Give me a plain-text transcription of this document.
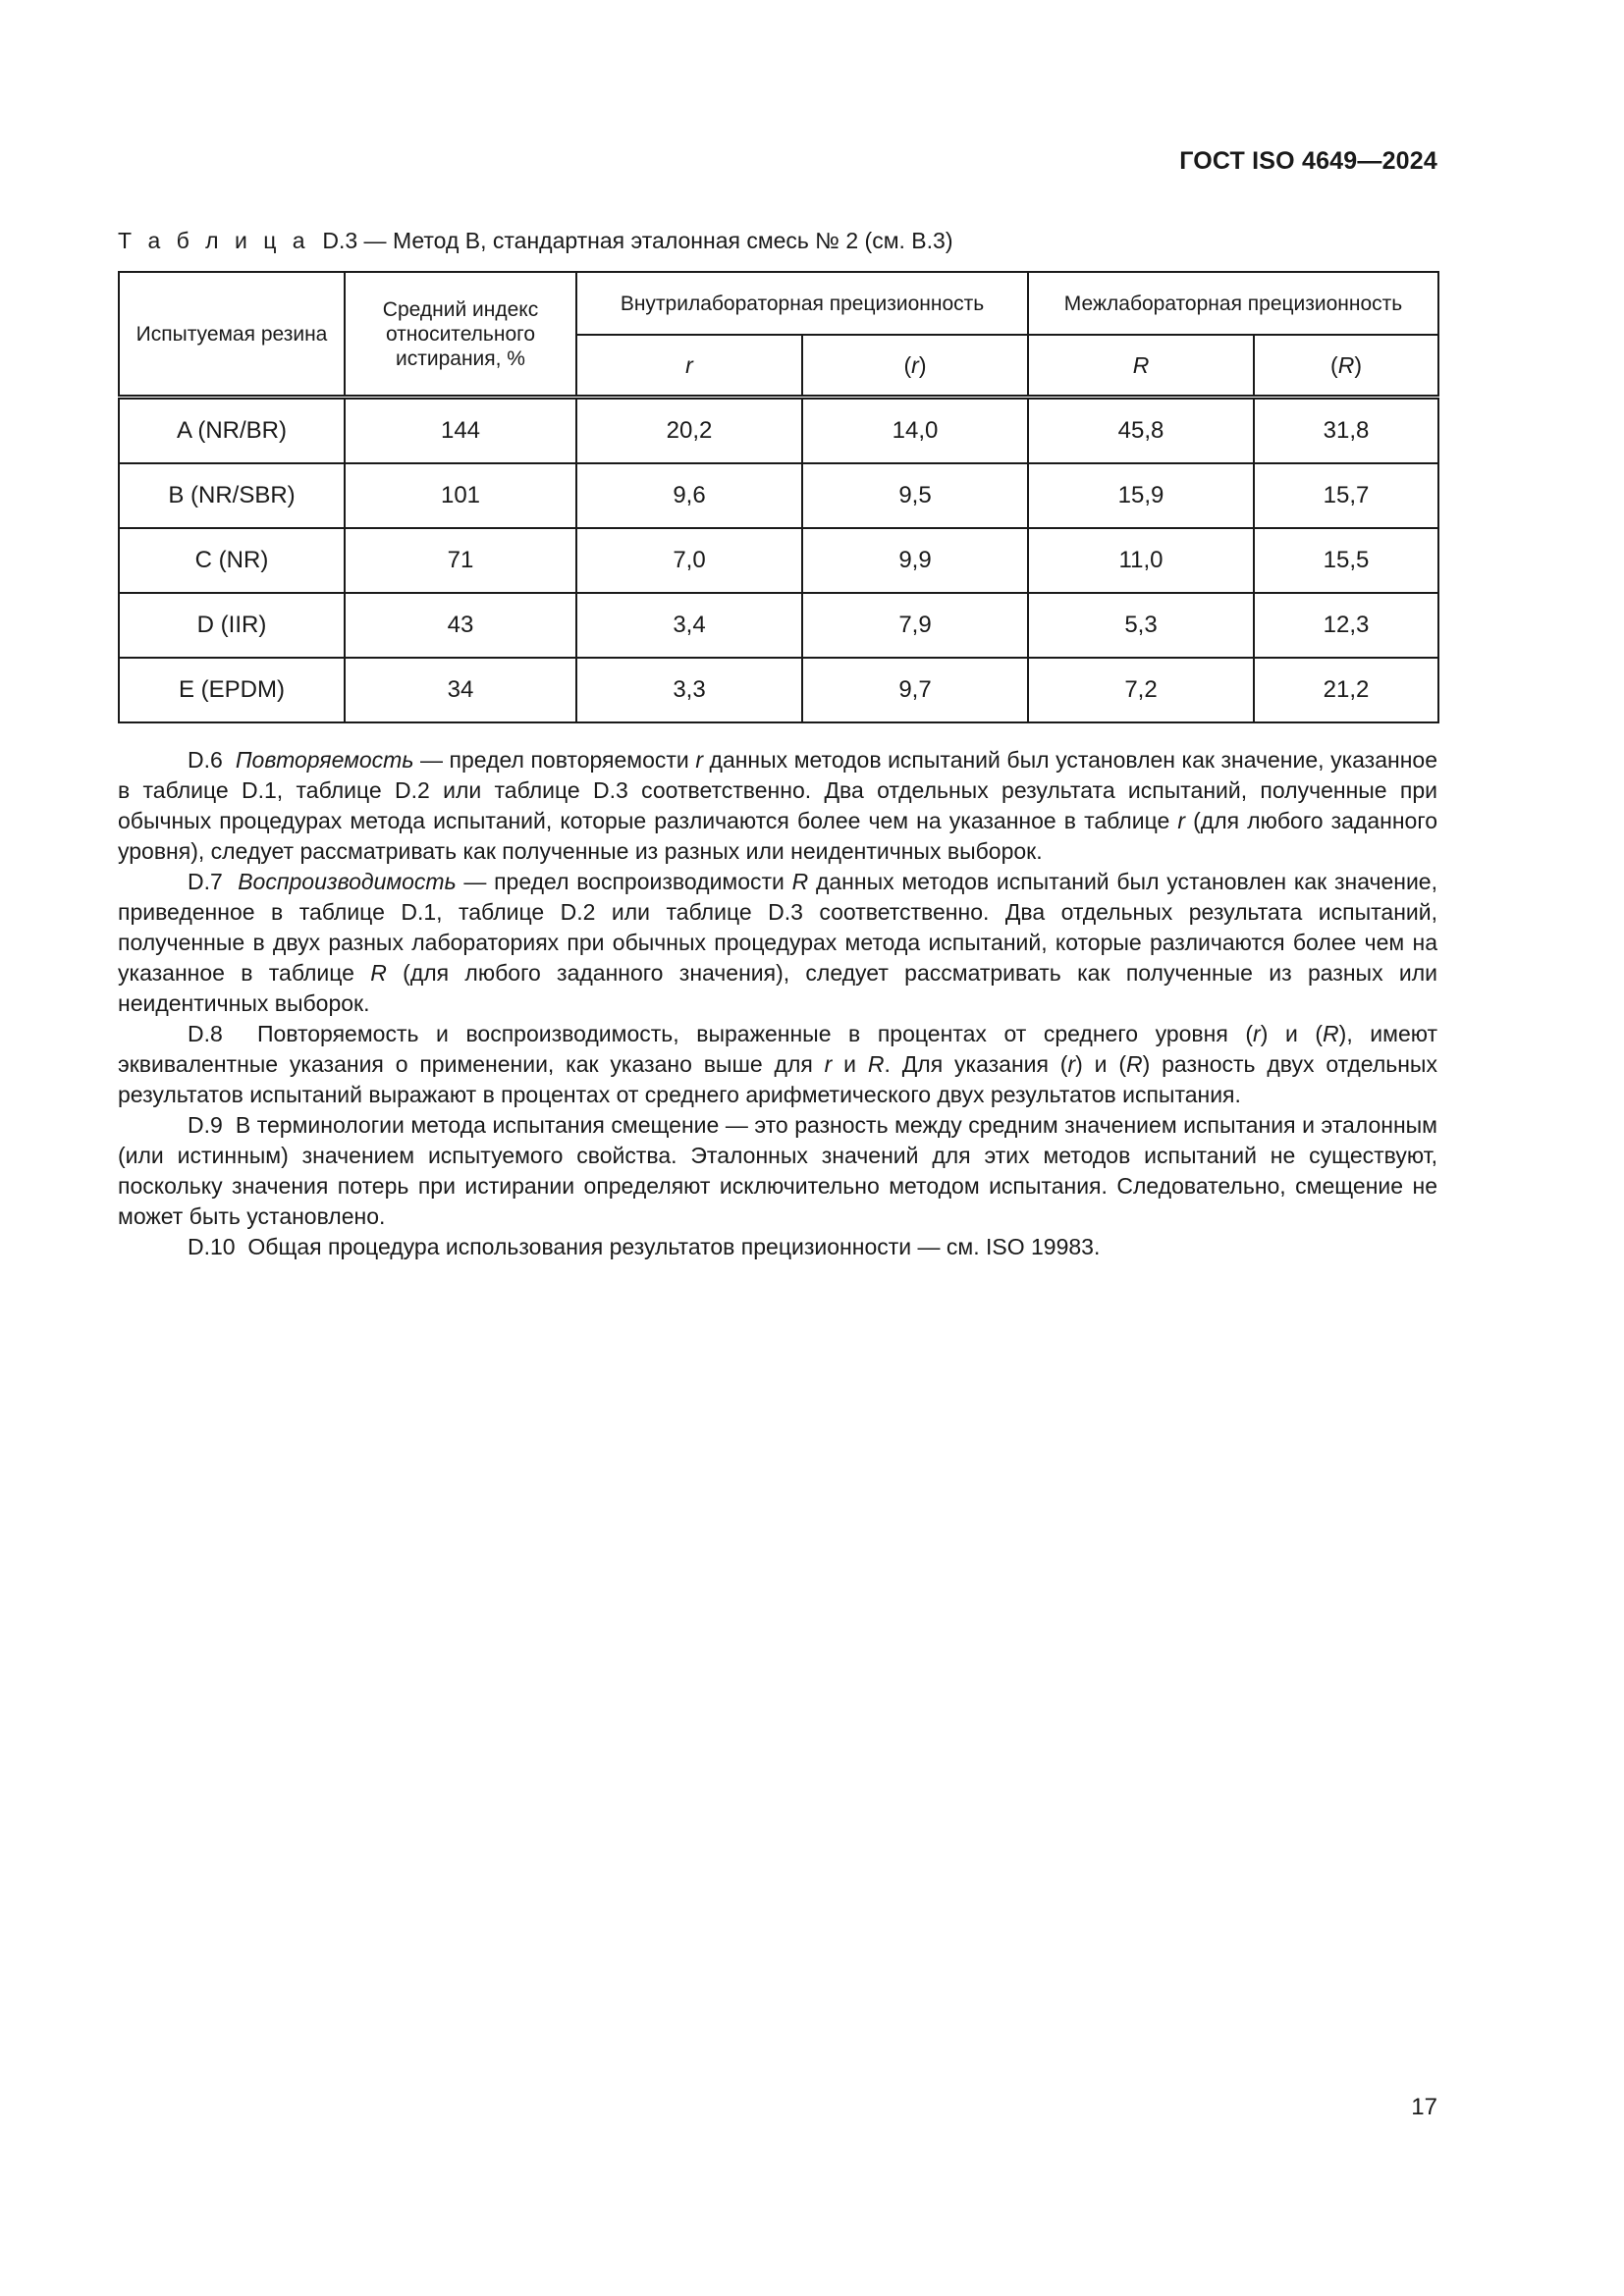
ГОСТ ISO 4649—2024
Т а б л и ц а D.3 — Метод B, стандартная эталонная смесь № 2 (см. B.3)
Испытуемая резина	Средний индекс относительного истирания, %	Внутрилабораторная прецизионность		Межлабораторная прецизионность	
		r	(r)	R	(R)
A (NR/BR)	144	20,2	14,0	45,8	31,8
B (NR/SBR)	101	9,6	9,5	15,9	15,7
C (NR)	71	7,0	9,9	11,0	15,5
D (IIR)	43	3,4	7,9	5,3	12,3
E (EPDM)	34	3,3	9,7	7,2	21,2

D.6 Повторяемость — предел повторяемости r данных методов испытаний был установлен как значение, указанное в таблице D.1, таблице D.2 или таблице D.3 соответственно. Два отдельных результата испытаний, полученные при обычных процедурах метода испытаний, которые различаются более чем на указанное в таблице r (для любого заданного уровня), следует рассматривать как полученные из разных или неидентичных выборок.

D.7 Воспроизводимость — предел воспроизводимости R данных методов испытаний был установлен как значение, приведенное в таблице D.1, таблице D.2 или таблице D.3 соответственно. Два отдельных результата испытаний, полученные в двух разных лабораториях при обычных процедурах метода испытаний, которые различаются более чем на указанное в таблице R (для любого заданного значения), следует рассматривать как полученные из разных или неидентичных выборок.

D.8 Повторяемость и воспроизводимость, выраженные в процентах от среднего уровня (r) и (R), имеют эквивалентные указания о применении, как указано выше для r и R. Для указания (r) и (R) разность двух отдельных результатов испытаний выражают в процентах от среднего арифметического двух результатов испытания.

D.9 В терминологии метода испытания смещение — это разность между средним значением испытания и эталонным (или истинным) значением испытуемого свойства. Эталонных значений для этих методов испытаний не существуют, поскольку значения потерь при истирании определяют исключительно методом испытания. Следовательно, смещение не может быть установлено.

D.10 Общая процедура использования результатов прецизионности — см. ISO 19983.

17
